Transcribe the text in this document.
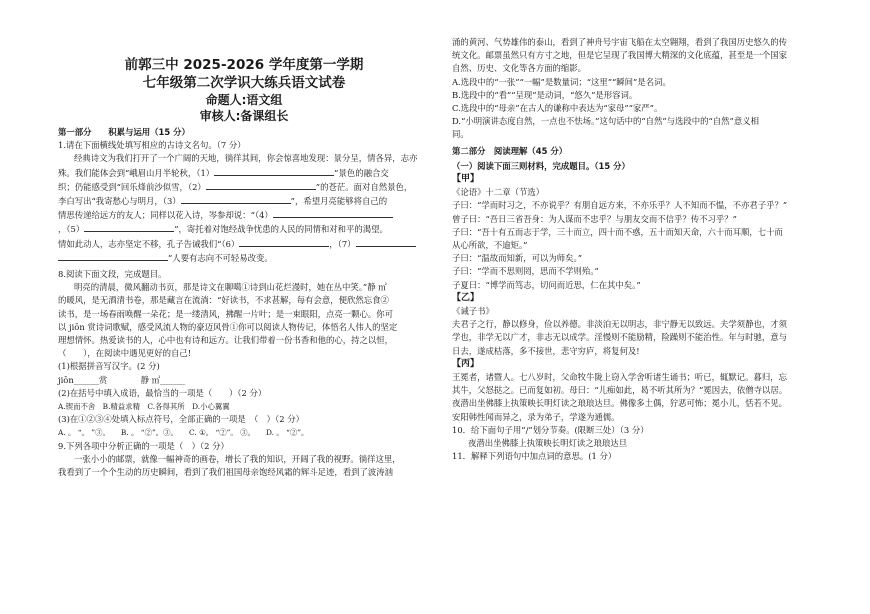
前郭三中 2025-2026 学年度第一学期
七年级第二次学识大练兵语文试卷
命题人:语文组
审核人:备课组长
第一部分　　积累与运用（15 分）

1.请在下面横线处填写相应的古诗文名句。（7 分）

经典诗文为我们打开了一个广阔的天地，徜徉其间，你会惊喜地发现：景分呈，情各异，志亦殊。我们能体会到“峨眉山月半轮秋，（1）	”景色的融合交

织；仍能感受到“回乐烽前沙似雪，（2）	”的苍茫。面对自然景色，

李白写出“我寄愁心与明月，（3）	”，希望月亮能够将自己的

情思传递给远方的友人；同样以花入诗，岑参却说：“（4）

，（5）	”，寄托着对饱经战争忧患的人民的同情和对和平的渴望。

情如此动人，志亦坚定不移，孔子告诫我们“（6）	，（7）

”人要有志向不可轻易改变。

8.阅读下面文段，完成题目。

明亮的清晨，微风翻动书页，那是诗文在聊噶①诗到山花烂漫时，她在丛中笑。”静 ㎡

的暖风，是无酒清书卷，那是藏言在流淌：“好读书，不求甚解，每有会意，便欣然忘食②

读书，是一场春雨唤醒一朵花；是一缕清风，拂醒一片叶；是一束眼阳，点亮一颗心。你可

以 jiōn 赏诗词歌赋，感受风流人物的豪迈风骨①你可以阅读人物传记，体悟名人伟人的坚定

理想情怀。热爱读书的人，心中也有诗和远方。让我们带着一份书香和他的心，持之以恒，

（　　），在阅读中遇见更好的自己!

(1)根据拼音写汉字。(2 分)

jiōn______赏　　　　静 ㎡______

(2)在括号中填入成语，最恰当的一项是（　　）（2 分）

A.锲而不舍　B.精益求精　C.各得其所　D.小心翼翼

(3)在①②③④处填入标点符号，全部正确的一项是　（　）（2 分）

A. 。 “。 ”③。　　B. 。 “②”。③。　　C. ①。 “②”。 ③。　　D. 。 “②”。

9.下列各项中分析正确的一项是（　）（2 分）

一张小小的邮票，就像一幅神奇的画卷，增长了我的知识，开阔了我的视野。徜徉这里，

我看到了一个个生动的历史瞬间，看到了我们祖国母亲饱经风霜的辉斗足迹，看到了波涛汹

涌的黄河、气势雄伟的泰山，看到了神舟号宇宙飞船在太空翱翔，看到了我国历史悠久的传

统文化。邮票虽然只有方寸之地，但是它呈现了我国博大精深的文化底蕴，甚至是一个国家

自然、历史、文化等各方面的缩影。

A.选段中的“一张”“一幅”是数量词；“这里”“瞬间”是名词。

B.选段中的“看”“呈现”是动词，“悠久”是形容词。

C.选段中的“母亲”在古人的谦称中表达为“家母”“家严”。

D.“小明演讲态度自然，一点也不怯场。”这句话中的“自然”与选段中的“自然”意义相

同。

第二部分　阅读理解（45 分）
（一）阅读下面三则材料，完成题目。（15 分）
【甲】

《论语》十二章（节选）

子曰：“学而时习之，不亦说乎？有朋自远方来，不亦乐乎？人不知而不愠，不亦君子乎？”

曾子曰：“吾日三省吾身：为人谋而不忠乎？与朋友交而不信乎？传不习乎？”

子曰：“吾十有五而志于学，三十而立，四十而不惑，五十而知天命，六十而耳顺，七十而

从心所欲，不逾矩。”

子曰：“温故而知新，可以为师矣。”

子曰：“学而不思则罔，思而不学则殆。”

子夏曰：“博学而笃志，切问而近思，仁在其中矣。”

【乙】

《诫子书》

夫君子之行，静以修身，俭以养德。非淡泊无以明志，非宁静无以致远。夫学须静也，才须

学也，非学无以广才，非志无以成学。淫慢则不能励精，险躁则不能治性。年与时驰，意与

日去，遂成枯落，多不接世，悲守穷庐，将复何及!

【丙】

王冕者，诸暨人。七八岁时，父命牧牛陇上窃入学舍听诸生诵书；听已，辄默记。暮归，忘

其牛，父怒挞之。已而复如初。母曰：“儿痴如此，曷不听其所为？”冕因去，依僧寺以居。

夜潜出坐佛膝上执策映长明灯读之琅琅达旦。佛像多土偶，狞恶可怖；冕小儿，恬若不见。

安阳韩性闻而异之，录为弟子，学遂为通儒。

10．给下面句子用“/”划分节奏。(限断三处）（3 分）

夜潜出坐佛膝上执策映长明灯读之琅琅达旦

11．解释下列语句中加点词的意思。(1 分）
